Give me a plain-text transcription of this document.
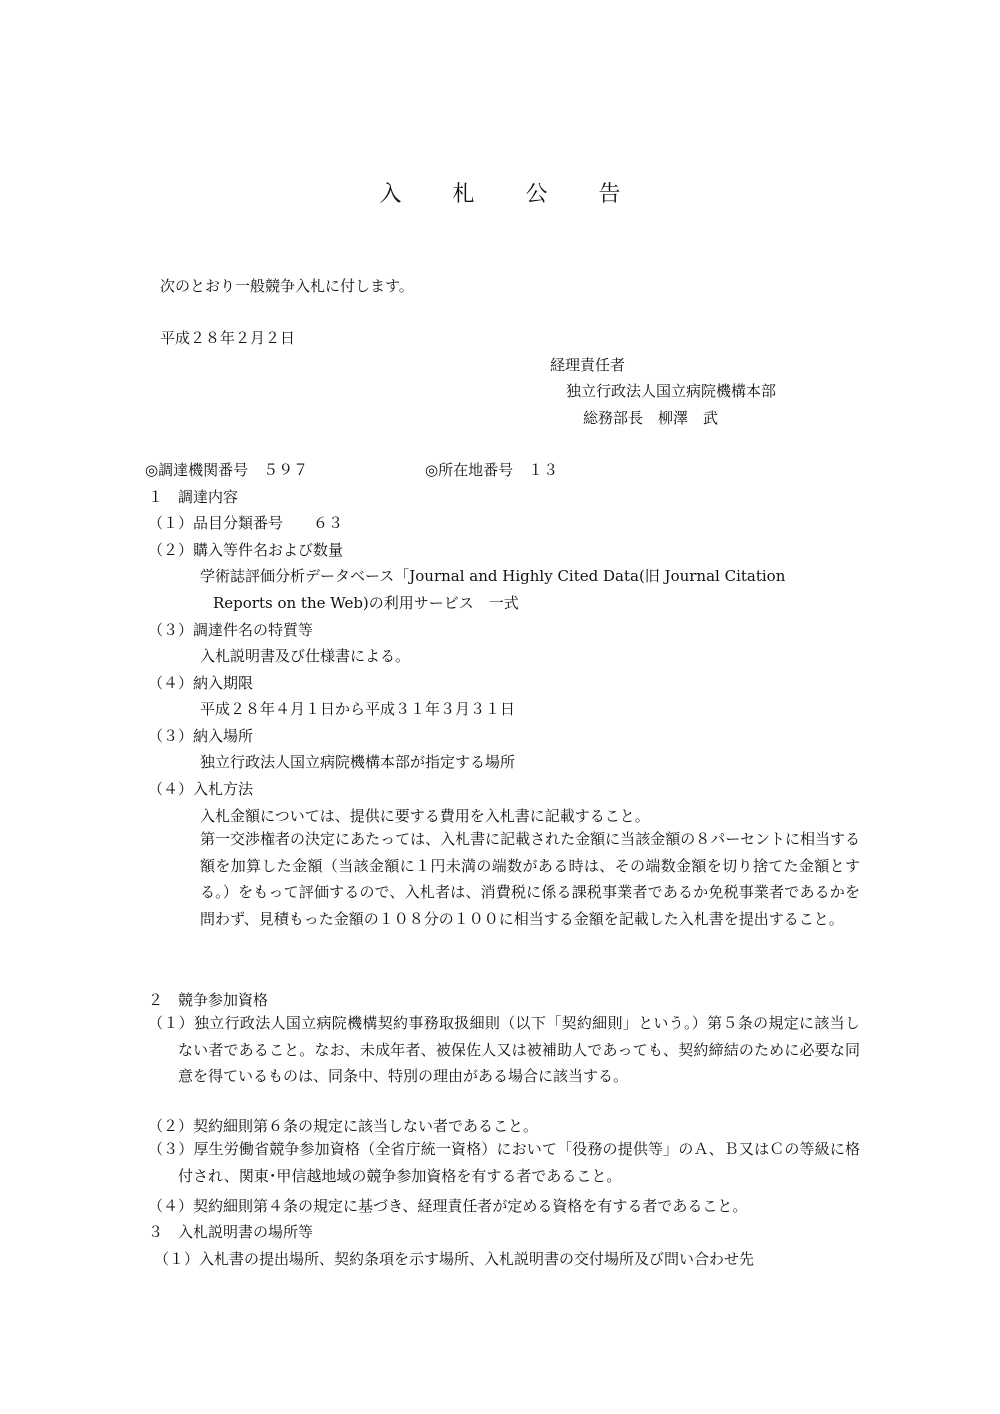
入 札 公 告
次のとおり一般競争入札に付します。
平成２８年２月２日
経理責任者
独立行政法人国立病院機構本部
総務部長　柳澤　武
◎調達機関番号　５９７	◎所在地番号　１３
１　調達内容
（１）品目分類番号　　６３
（２）購入等件名および数量
学術誌評価分析データベース「Journal and Highly Cited Data(旧 Journal Citation
Reports on the Web)の利用サービス　一式
（３）調達件名の特質等
入札説明書及び仕様書による。
（４）納入期限
平成２８年４月１日から平成３１年３月３１日
（３）納入場所
独立行政法人国立病院機構本部が指定する場所
（４）入札方法
入札金額については、提供に要する費用を入札書に記載すること。
第一交渉権者の決定にあたっては、入札書に記載された金額に当該金額の８パーセントに相当する額を加算した金額（当該金額に１円未満の端数がある時は、その端数金額を切り捨てた金額とする。）をもって評価するので、入札者は、消費税に係る課税事業者であるか免税事業者であるかを問わず、見積もった金額の１０８分の１００に相当する金額を記載した入札書を提出すること。
２　競争参加資格
（１）独立行政法人国立病院機構契約事務取扱細則（以下「契約細則」という。）第５条の規定に該当しない者であること。なお、未成年者、被保佐人又は被補助人であっても、契約締結のために必要な同意を得ているものは、同条中、特別の理由がある場合に該当する。
（２）契約細則第６条の規定に該当しない者であること。
（３）厚生労働省競争参加資格（全省庁統一資格）において「役務の提供等」のＡ、Ｂ又はＣの等級に格付され、関東･甲信越地域の競争参加資格を有する者であること。
（４）契約細則第４条の規定に基づき、経理責任者が定める資格を有する者であること。
３　入札説明書の場所等
（１）入札書の提出場所、契約条項を示す場所、入札説明書の交付場所及び問い合わせ先
